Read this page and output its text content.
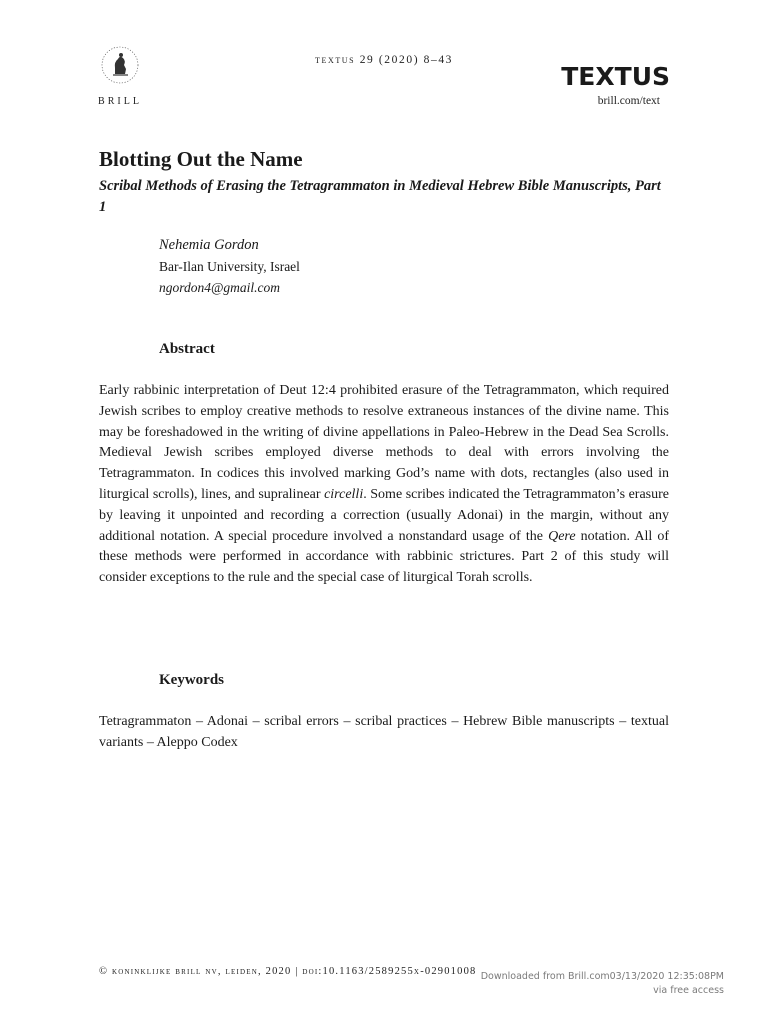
BRILL
textus 29 (2020) 8–43
TEXTUS
brill.com/text
Blotting Out the Name
Scribal Methods of Erasing the Tetragrammaton in Medieval Hebrew Bible Manuscripts, Part 1
Nehemia Gordon
Bar-Ilan University, Israel
ngordon4@gmail.com
Abstract

Early rabbinic interpretation of Deut 12:4 prohibited erasure of the Tetragrammaton, which required Jewish scribes to employ creative methods to resolve extraneous instances of the divine name. This may be foreshadowed in the writing of divine appellations in Paleo-Hebrew in the Dead Sea Scrolls. Medieval Jewish scribes employed diverse methods to deal with errors involving the Tetragrammaton. In codices this involved marking God’s name with dots, rectangles (also used in liturgical scrolls), lines, and supralinear circelli. Some scribes indicated the Tetragrammaton’s erasure by leaving it unpointed and recording a correction (usually Adonai) in the margin, without any additional notation. A special procedure involved a nonstandard usage of the Qere notation. All of these methods were performed in accordance with rabbinic strictures. Part 2 of this study will consider exceptions to the rule and the special case of liturgical Torah scrolls.

Keywords

Tetragrammaton – Adonai – scribal errors – scribal practices – Hebrew Bible manuscripts – textual variants – Aleppo Codex

© koninklijke brill nv, leiden, 2020 | doi:10.1163/2589255x-02901008 Downloaded from Brill.com03/13/2020 12:35:08PM
via free access
